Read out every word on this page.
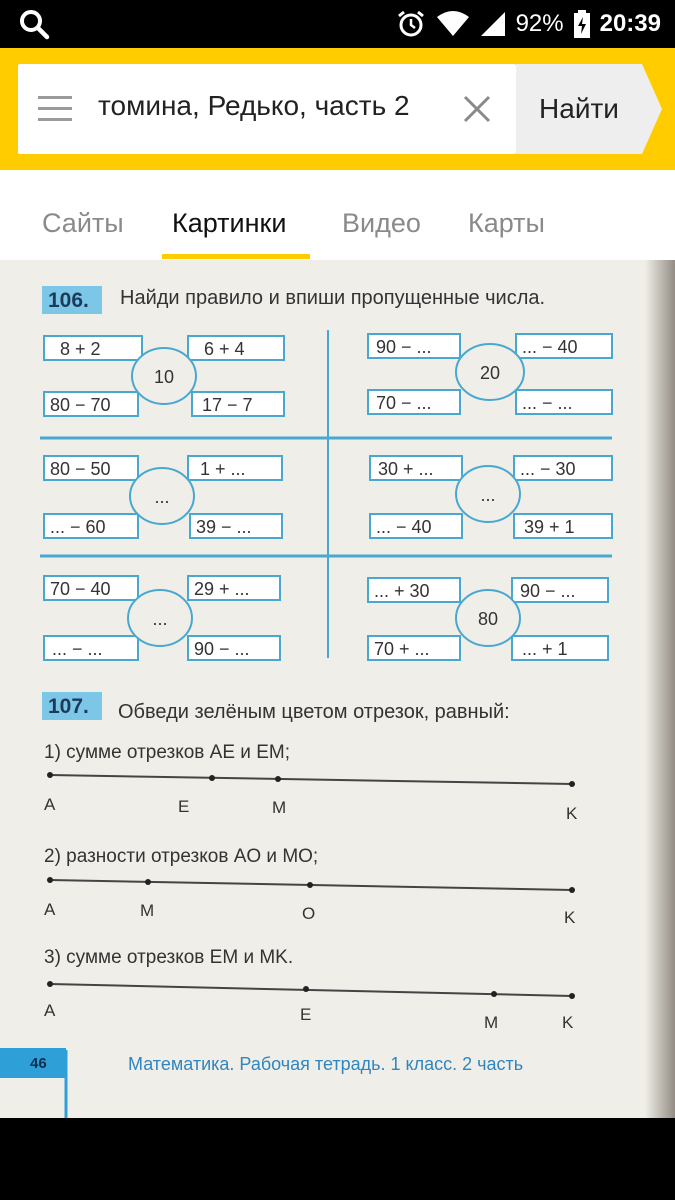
92% 20:39
томина, Редько, часть 2	Найти
Сайты Картинки Видео Карты
106. Найди правило и впиши пропущенные числа.
8 + 2	6 + 4
80 − 70	17 − 7
10
90 − ...	... − 40
70 − ...	... − ...
20
80 − 50	1 + ...
... − 60	39 − ...
...
30 + ...	... − 30
... − 40	39 + 1
...
70 − 40	29 + ...
... − ...	90 − ...
...
... + 30	90 − ...
70 + ...	... + 1
80
107. Обведи зелёным цветом отрезок, равный:
1) сумме отрезков AE и EM;
A	E	M	K
2) разности отрезков AO и MO;
A	M	O	K
3) сумме отрезков EM и MK.
A	E	M	K
46	Математика. Рабочая тетрадь. 1 класс. 2 часть
